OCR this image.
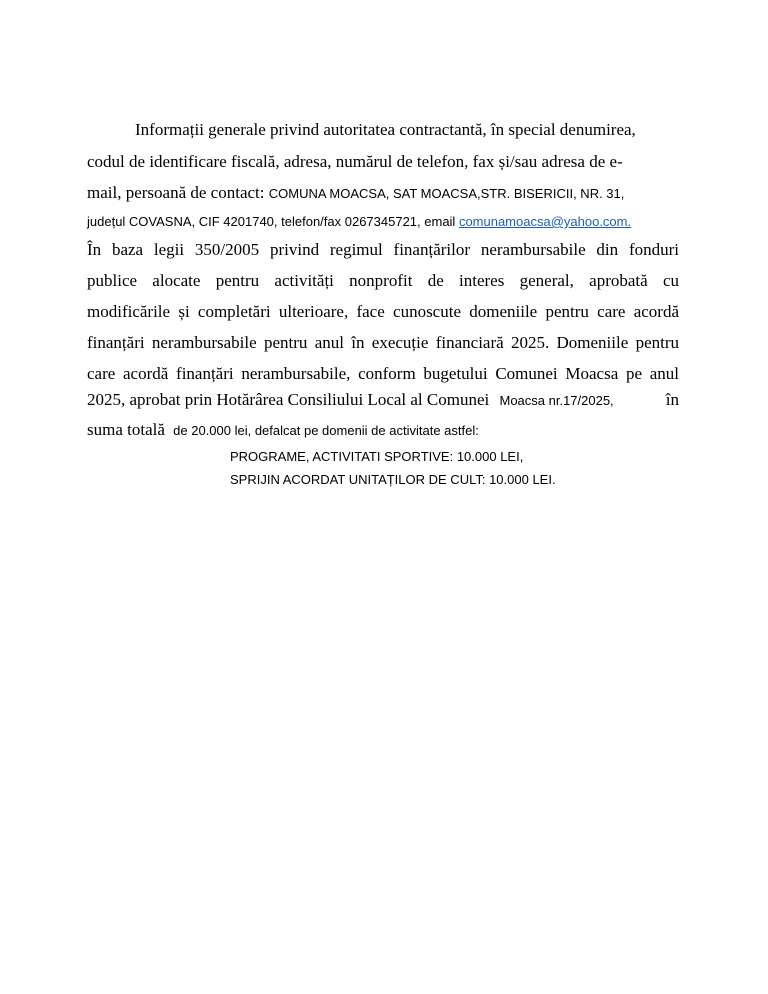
Informații generale privind autoritatea contractantă, în special denumirea,
codul de identificare fiscală, adresa, numărul de telefon, fax și/sau adresa de e-
mail, persoană de contact: COMUNA MOACSA, SAT MOACSA,STR. BISERICII, NR. 31,
județul COVASNA, CIF 4201740, telefon/fax 0267345721, email comunamoacsa@yahoo.com.
În baza legii 350/2005 privind regimul finanțărilor nerambursabile din fonduri
publice alocate pentru activități nonprofit de interes general, aprobată cu
modificările și completări ulterioare, face cunoscute domeniile pentru care acordă
finanțări nerambursabile pentru anul în execuție financiară 2025. Domeniile pentru
care acordă finanțări nerambursabile, conform bugetului Comunei Moacsa pe anul
2025, aprobat prin Hotărârea Consiliului Local al Comunei Moacsa nr.17/2025,	în
suma totală de 20.000 lei, defalcat pe domenii de activitate astfel:
PROGRAME, ACTIVITATI SPORTIVE: 10.000 LEI,
SPRIJIN ACORDAT UNITAȚILOR DE CULT: 10.000 LEI.
